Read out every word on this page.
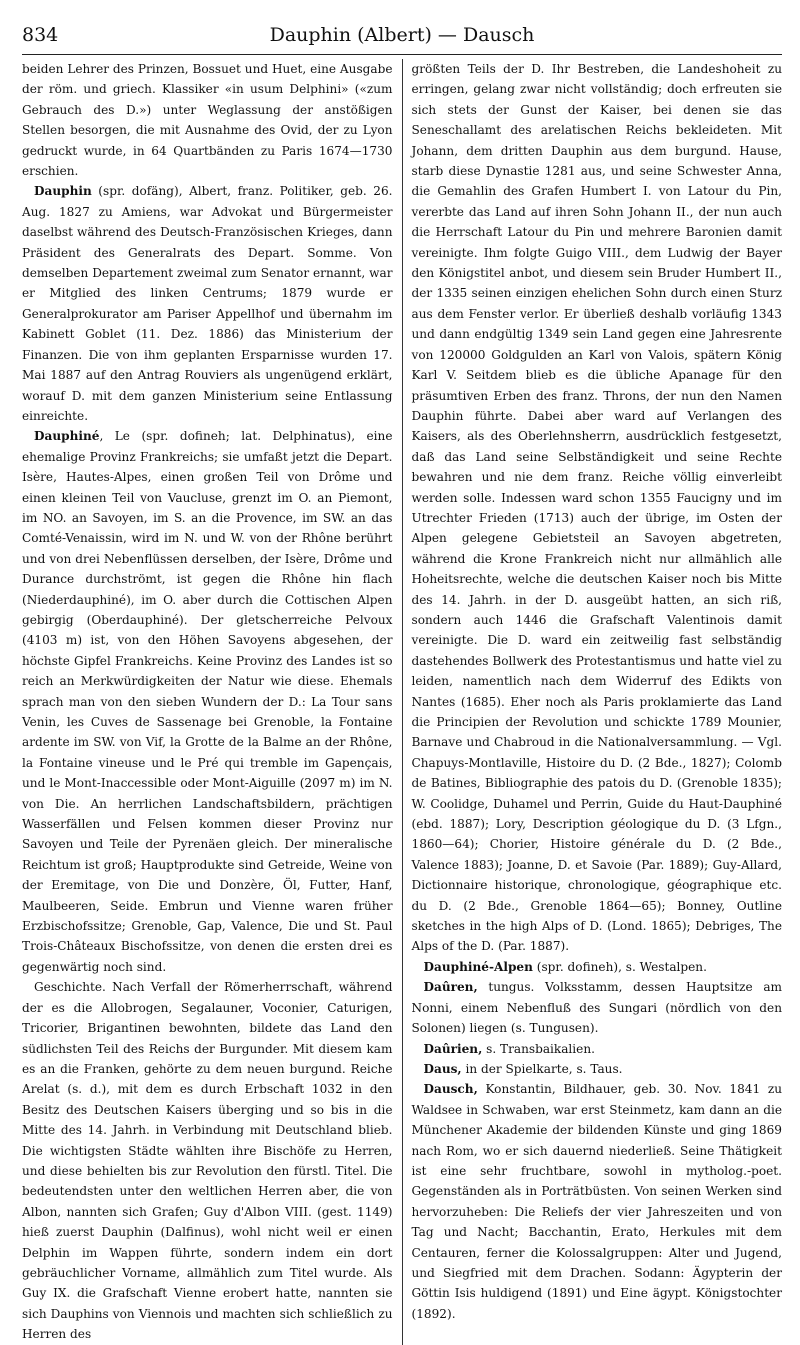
834	Dauphin (Albert) — Dausch

beiden Lehrer des Prinzen, Bossuet und Huet, eine Ausgabe der röm. und griech. Klassiker «in usum Delphini» («zum Gebrauch des D.») unter Weglassung der anstößigen Stellen besorgen, die mit Ausnahme des Ovid, der zu Lyon gedruckt wurde, in 64 Quartbänden zu Paris 1674—1730 erschien.

Dauphin (spr. dofäng), Albert, franz. Politiker, geb. 26. Aug. 1827 zu Amiens, war Advokat und Bürgermeister daselbst während des Deutsch-Französischen Krieges, dann Präsident des Generalrats des Depart. Somme. Von demselben Departement zweimal zum Senator ernannt, war er Mitglied des linken Centrums; 1879 wurde er Generalprokurator am Pariser Appellhof und übernahm im Kabinett Goblet (11. Dez. 1886) das Ministerium der Finanzen. Die von ihm geplanten Ersparnisse wurden 17. Mai 1887 auf den Antrag Rouviers als ungenügend erklärt, worauf D. mit dem ganzen Ministerium seine Entlassung einreichte.

Dauphiné, Le (spr. dofineh; lat. Delphinatus), eine ehemalige Provinz Frankreichs; sie umfaßt jetzt die Depart. Isère, Hautes-Alpes, einen großen Teil von Drôme und einen kleinen Teil von Vaucluse, grenzt im O. an Piemont, im NO. an Savoyen, im S. an die Provence, im SW. an das Comté-Venaissin, wird im N. und W. von der Rhône berührt und von drei Nebenflüssen derselben, der Isère, Drôme und Durance durchströmt, ist gegen die Rhône hin flach (Niederdauphiné), im O. aber durch die Cottischen Alpen gebirgig (Oberdauphiné). Der gletscherreiche Pelvoux (4103 m) ist, von den Höhen Savoyens abgesehen, der höchste Gipfel Frankreichs. Keine Provinz des Landes ist so reich an Merkwürdigkeiten der Natur wie diese. Ehemals sprach man von den sieben Wundern der D.: La Tour sans Venin, les Cuves de Sassenage bei Grenoble, la Fontaine ardente im SW. von Vif, la Grotte de la Balme an der Rhône, la Fontaine vineuse und le Pré qui tremble im Gapençais, und le Mont-Inaccessible oder Mont-Aiguille (2097 m) im N. von Die. An herrlichen Landschaftsbildern, prächtigen Wasserfällen und Felsen kommen dieser Provinz nur Savoyen und Teile der Pyrenäen gleich. Der mineralische Reichtum ist groß; Hauptprodukte sind Getreide, Weine von der Eremitage, von Die und Donzère, Öl, Futter, Hanf, Maulbeeren, Seide. Embrun und Vienne waren früher Erzbischofssitze; Grenoble, Gap, Valence, Die und St. Paul Trois-Châteaux Bischofssitze, von denen die ersten drei es gegenwärtig noch sind.

Geschichte. Nach Verfall der Römerherrschaft, während der es die Allobrogen, Segalauner, Voconier, Caturigen, Tricorier, Brigantinen bewohnten, bildete das Land den südlichsten Teil des Reichs der Burgunder. Mit diesem kam es an die Franken, gehörte zu dem neuen burgund. Reiche Arelat (s. d.), mit dem es durch Erbschaft 1032 in den Besitz des Deutschen Kaisers überging und so bis in die Mitte des 14. Jahrh. in Verbindung mit Deutschland blieb. Die wichtigsten Städte wählten ihre Bischöfe zu Herren, und diese behielten bis zur Revolution den fürstl. Titel. Die bedeutendsten unter den weltlichen Herren aber, die von Albon, nannten sich Grafen; Guy d'Albon VIII. (gest. 1149) hieß zuerst Dauphin (Dalfinus), wohl nicht weil er einen Delphin im Wappen führte, sondern indem ein dort gebräuchlicher Vorname, allmählich zum Titel wurde. Als Guy IX. die Grafschaft Vienne erobert hatte, nannten sie sich Dauphins von Viennois und machten sich schließlich zu Herren des

größten Teils der D. Ihr Bestreben, die Landeshoheit zu erringen, gelang zwar nicht vollständig; doch erfreuten sie sich stets der Gunst der Kaiser, bei denen sie das Seneschallamt des arelatischen Reichs bekleideten. Mit Johann, dem dritten Dauphin aus dem burgund. Hause, starb diese Dynastie 1281 aus, und seine Schwester Anna, die Gemahlin des Grafen Humbert I. von Latour du Pin, vererbte das Land auf ihren Sohn Johann II., der nun auch die Herrschaft Latour du Pin und mehrere Baronien damit vereinigte. Ihm folgte Guigo VIII., dem Ludwig der Bayer den Königstitel anbot, und diesem sein Bruder Humbert II., der 1335 seinen einzigen ehelichen Sohn durch einen Sturz aus dem Fenster verlor. Er überließ deshalb vorläufig 1343 und dann endgültig 1349 sein Land gegen eine Jahresrente von 120000 Goldgulden an Karl von Valois, spätern König Karl V. Seitdem blieb es die übliche Apanage für den präsumtiven Erben des franz. Throns, der nun den Namen Dauphin führte. Dabei aber ward auf Verlangen des Kaisers, als des Oberlehnsherrn, ausdrücklich festgesetzt, daß das Land seine Selbständigkeit und seine Rechte bewahren und nie dem franz. Reiche völlig einverleibt werden solle. Indessen ward schon 1355 Faucigny und im Utrechter Frieden (1713) auch der übrige, im Osten der Alpen gelegene Gebietsteil an Savoyen abgetreten, während die Krone Frankreich nicht nur allmählich alle Hoheitsrechte, welche die deutschen Kaiser noch bis Mitte des 14. Jahrh. in der D. ausgeübt hatten, an sich riß, sondern auch 1446 die Grafschaft Valentinois damit vereinigte. Die D. ward ein zeitweilig fast selbständig dastehendes Bollwerk des Protestantismus und hatte viel zu leiden, namentlich nach dem Widerruf des Edikts von Nantes (1685). Eher noch als Paris proklamierte das Land die Principien der Revolution und schickte 1789 Mounier, Barnave und Chabroud in die Nationalversammlung. — Vgl. Chapuys-Montlaville, Histoire du D. (2 Bde., 1827); Colomb de Batines, Bibliographie des patois du D. (Grenoble 1835); W. Coolidge, Duhamel und Perrin, Guide du Haut-Dauphiné (ebd. 1887); Lory, Description géologique du D. (3 Lfgn., 1860—64); Chorier, Histoire générale du D. (2 Bde., Valence 1883); Joanne, D. et Savoie (Par. 1889); Guy-Allard, Dictionnaire historique, chronologique, géographique etc. du D. (2 Bde., Grenoble 1864—65); Bonney, Outline sketches in the high Alps of D. (Lond. 1865); Debriges, The Alps of the D. (Par. 1887).

Dauphiné-Alpen (spr. dofineh), s. Westalpen.

Daûren, tungus. Volksstamm, dessen Hauptsitze am Nonni, einem Nebenfluß des Sungari (nördlich von den Solonen) liegen (s. Tungusen).

Daûrien, s. Transbaikalien.

Daus, in der Spielkarte, s. Taus.

Dausch, Konstantin, Bildhauer, geb. 30. Nov. 1841 zu Waldsee in Schwaben, war erst Steinmetz, kam dann an die Münchener Akademie der bildenden Künste und ging 1869 nach Rom, wo er sich dauernd niederließ. Seine Thätigkeit ist eine sehr fruchtbare, sowohl in mytholog.-poet. Gegenständen als in Porträtbüsten. Von seinen Werken sind hervorzuheben: Die Reliefs der vier Jahreszeiten und von Tag und Nacht; Bacchantin, Erato, Herkules mit dem Centauren, ferner die Kolossalgruppen: Alter und Jugend, und Siegfried mit dem Drachen. Sodann: Ägypterin der Göttin Isis huldigend (1891) und Eine ägypt. Königstochter (1892).
